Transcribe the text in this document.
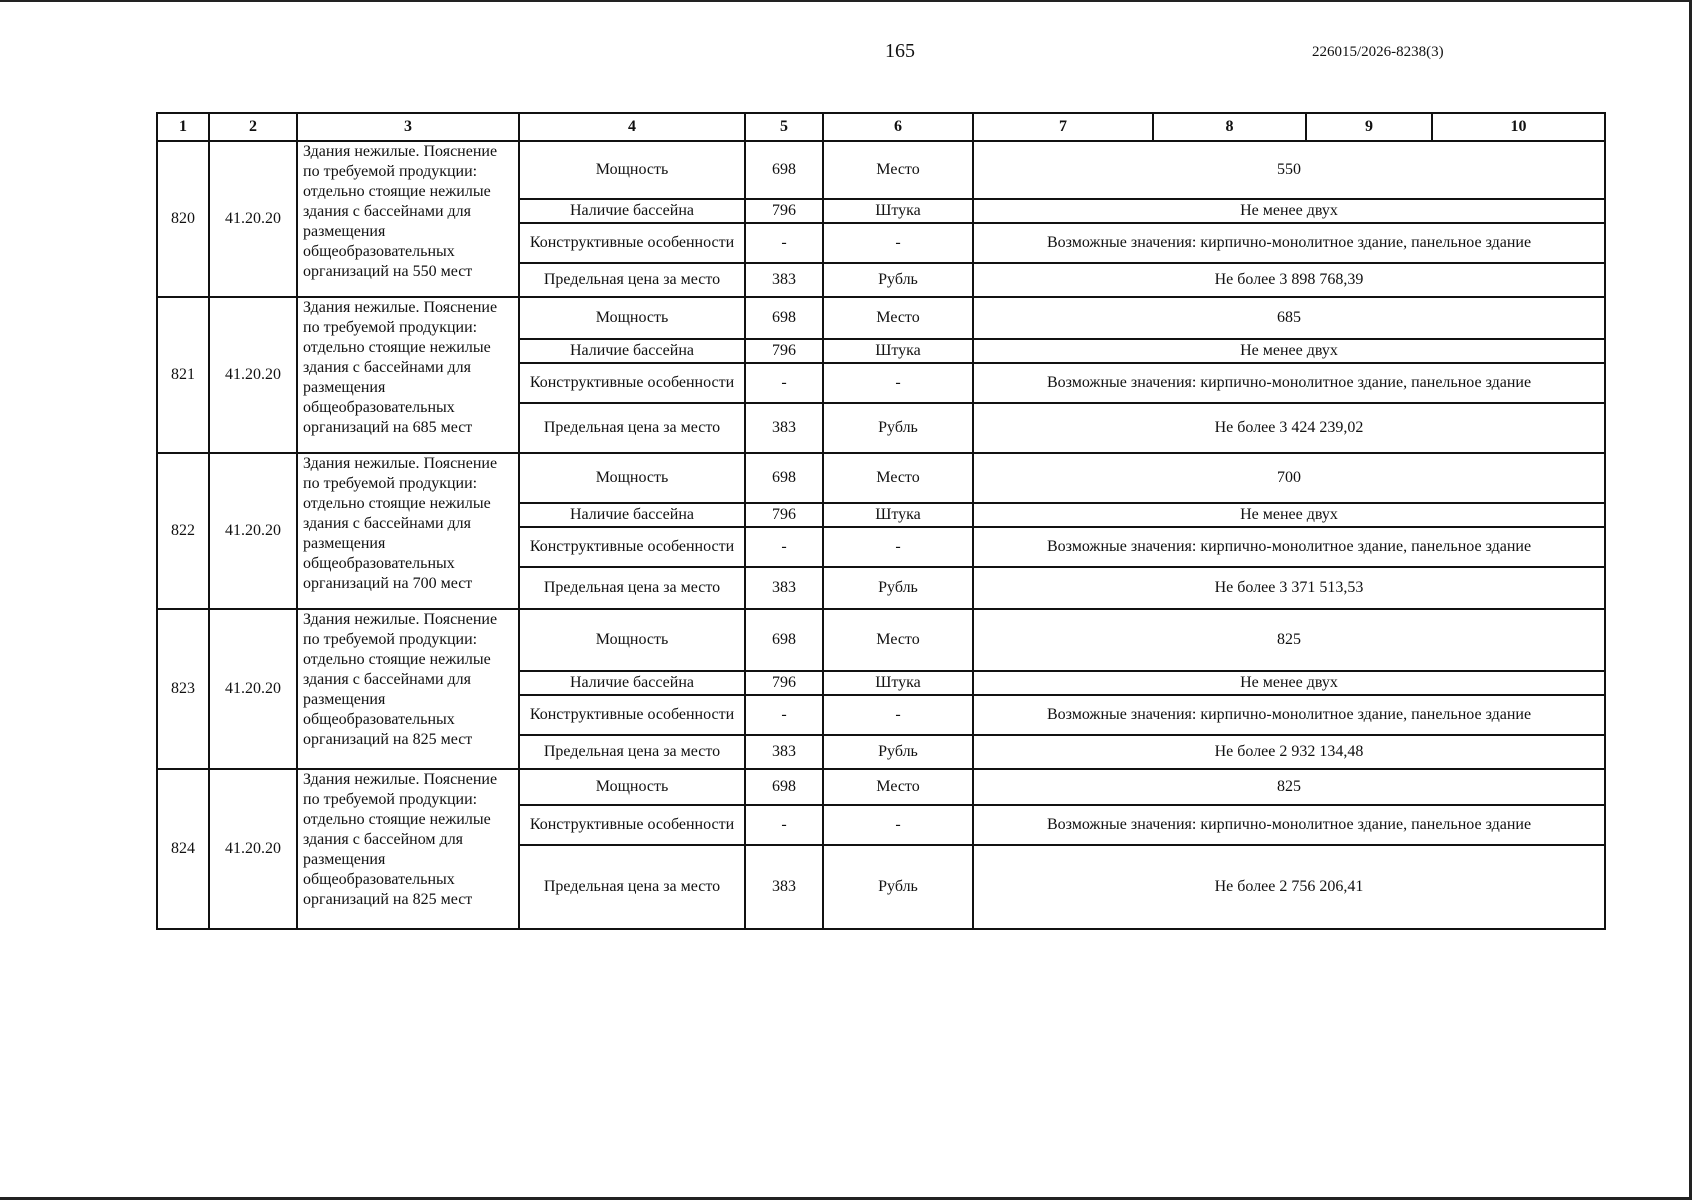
165	226015/2026-8238(3)
1	2	3	4	5	6	7	8	9	10
820	41.20.20	Здания нежилые. Пояснение по требуемой продукции: отдельно стоящие нежилые здания с бассейнами для размещения общеобразовательных организаций на 550 мест	Мощность	698	Место	550			
			Наличие бассейна	796	Штука	Не менее двух			
			Конструктивные особенности	-	-	Возможные значения: кирпично-монолитное здание, панельное здание			
			Предельная цена за место	383	Рубль	Не более 3 898 768,39			
821	41.20.20	Здания нежилые. Пояснение по требуемой продукции: отдельно стоящие нежилые здания с бассейнами для размещения общеобразовательных организаций на 685 мест	Мощность	698	Место	685			
			Наличие бассейна	796	Штука	Не менее двух			
			Конструктивные особенности	-	-	Возможные значения: кирпично-монолитное здание, панельное здание			
			Предельная цена за место	383	Рубль	Не более 3 424 239,02			
822	41.20.20	Здания нежилые. Пояснение по требуемой продукции: отдельно стоящие нежилые здания с бассейнами для размещения общеобразовательных организаций на 700 мест	Мощность	698	Место	700			
			Наличие бассейна	796	Штука	Не менее двух			
			Конструктивные особенности	-	-	Возможные значения: кирпично-монолитное здание, панельное здание			
			Предельная цена за место	383	Рубль	Не более 3 371 513,53			
823	41.20.20	Здания нежилые. Пояснение по требуемой продукции: отдельно стоящие нежилые здания с бассейнами для размещения общеобразовательных организаций на 825 мест	Мощность	698	Место	825			
			Наличие бассейна	796	Штука	Не менее двух			
			Конструктивные особенности	-	-	Возможные значения: кирпично-монолитное здание, панельное здание			
			Предельная цена за место	383	Рубль	Не более 2 932 134,48			
824	41.20.20	Здания нежилые. Пояснение по требуемой продукции: отдельно стоящие нежилые здания с бассейном для размещения общеобразовательных организаций на 825 мест	Мощность	698	Место	825			
			Конструктивные особенности	-	-	Возможные значения: кирпично-монолитное здание, панельное здание			
			Предельная цена за место	383	Рубль	Не более 2 756 206,41			
